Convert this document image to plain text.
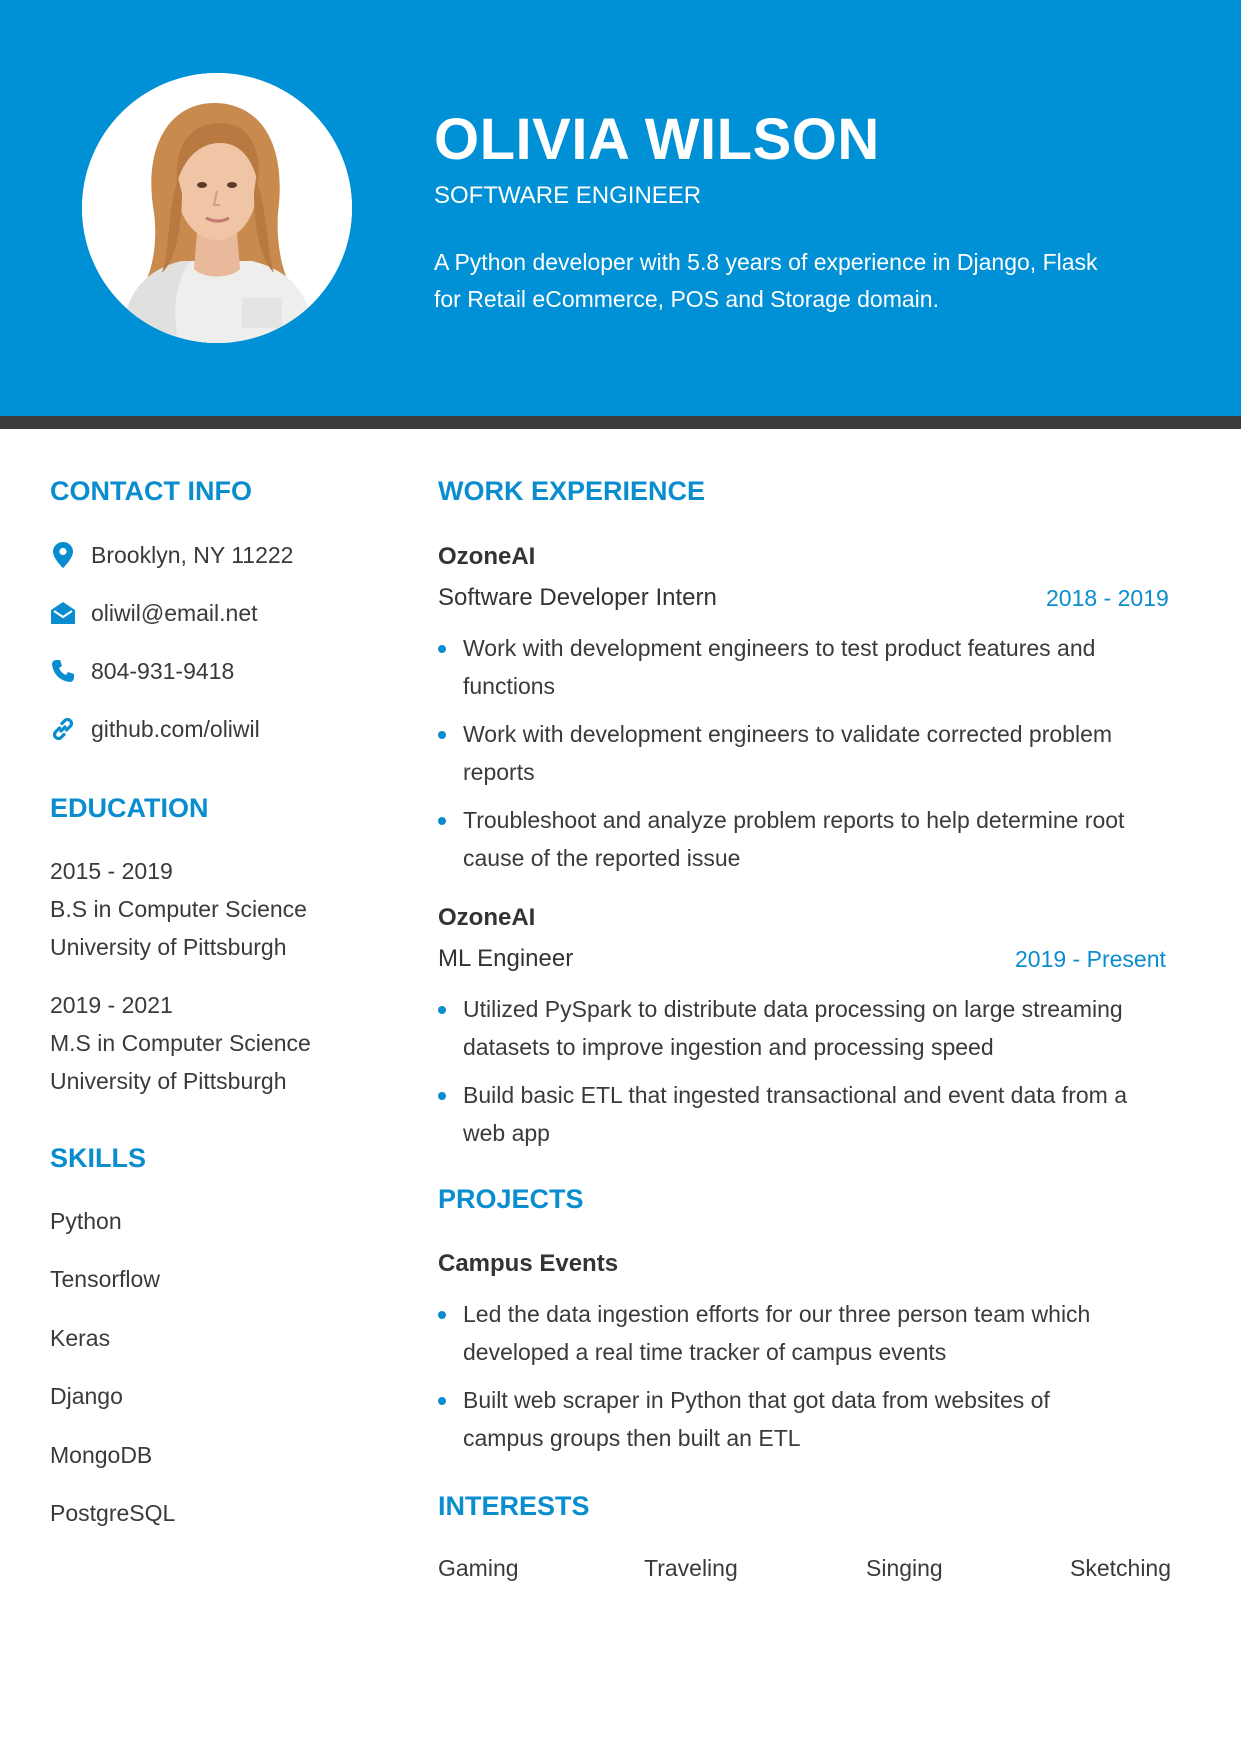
OLIVIA WILSON
SOFTWARE ENGINEER
A Python developer with 5.8 years of experience in Django, Flask for Retail eCommerce, POS and Storage domain.
CONTACT INFO
Brooklyn, NY 11222
oliwil@email.net
804-931-9418
github.com/oliwil
EDUCATION
2015 - 2019
B.S in Computer Science
University of Pittsburgh
2019 - 2021
M.S in Computer Science
University of Pittsburgh
SKILLS
Python
Tensorflow
Keras
Django
MongoDB
PostgreSQL
WORK EXPERIENCE
OzoneAI
Software Developer Intern	2018 - 2019
Work with development engineers to test product features and functions
Work with development engineers to validate corrected problem reports
Troubleshoot and analyze problem reports to help determine root cause of the reported issue
OzoneAI
ML Engineer	2019 - Present
Utilized PySpark to distribute data processing on large streaming datasets to improve ingestion and processing speed
Build basic ETL that ingested transactional and event data from a web app
PROJECTS
Campus Events
Led the data ingestion efforts for our three person team which developed a real time tracker of campus events
Built web scraper in Python that got data from websites of campus groups then built an ETL
INTERESTS
Gaming	Traveling	Singing	Sketching
